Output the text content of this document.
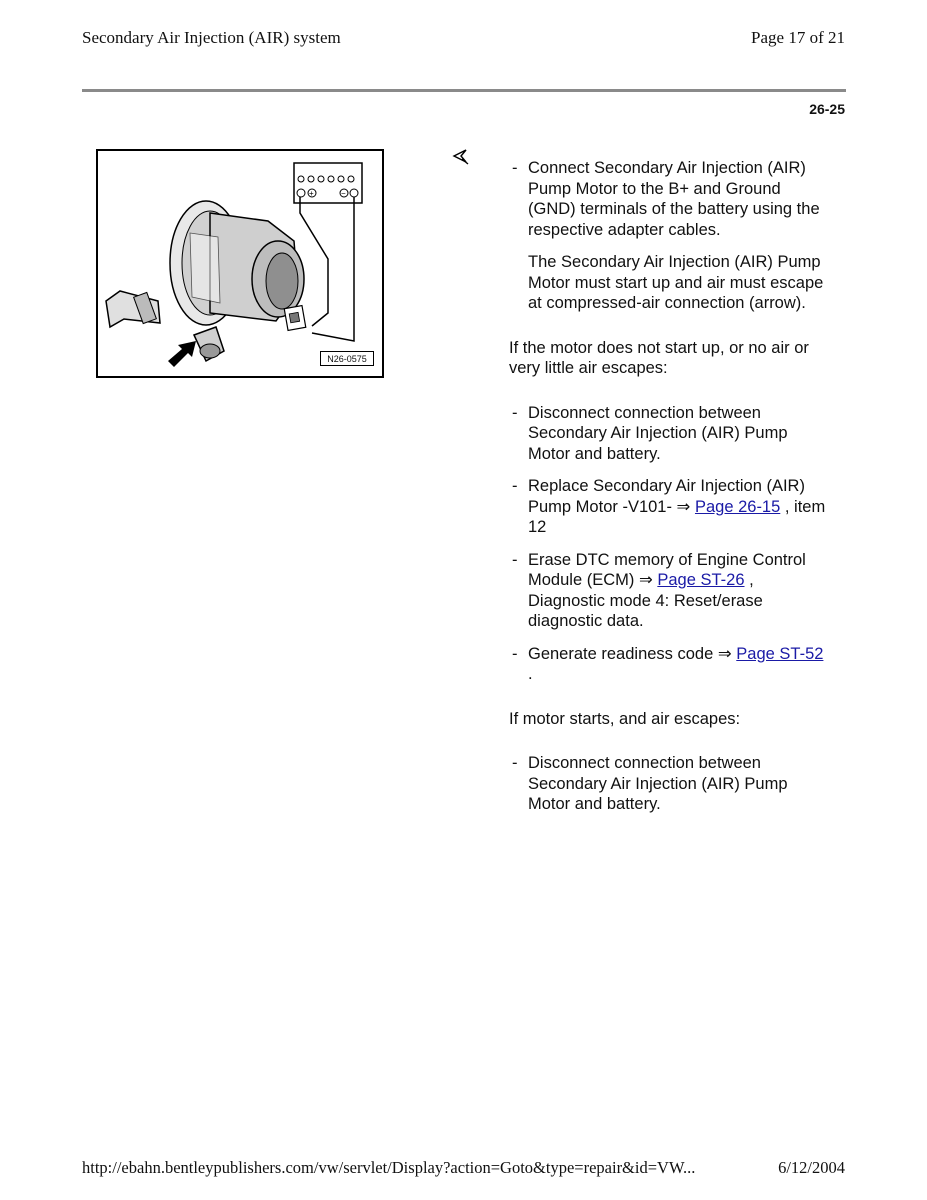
Secondary Air Injection (AIR) system	Page 17 of 21
26-25
+	−
N26-0575
- Connect Secondary Air Injection (AIR) Pump Motor to the B+ and Ground (GND) terminals of the battery using the respective adapter cables.
The Secondary Air Injection (AIR) Pump Motor must start up and air must escape at compressed-air connection (arrow).

If the motor does not start up, or no air or very little air escapes:

- Disconnect connection between Secondary Air Injection (AIR) Pump Motor and battery.
- Replace Secondary Air Injection (AIR) Pump Motor -V101- ⇒ Page 26-15 , item 12
- Erase DTC memory of Engine Control Module (ECM) ⇒ Page ST-26 , Diagnostic mode 4: Reset/erase diagnostic data.
- Generate readiness code ⇒ Page ST-52 .

If motor starts, and air escapes:

- Disconnect connection between Secondary Air Injection (AIR) Pump Motor and battery.
http://ebahn.bentleypublishers.com/vw/servlet/Display?action=Goto&type=repair&id=VW...	6/12/2004
